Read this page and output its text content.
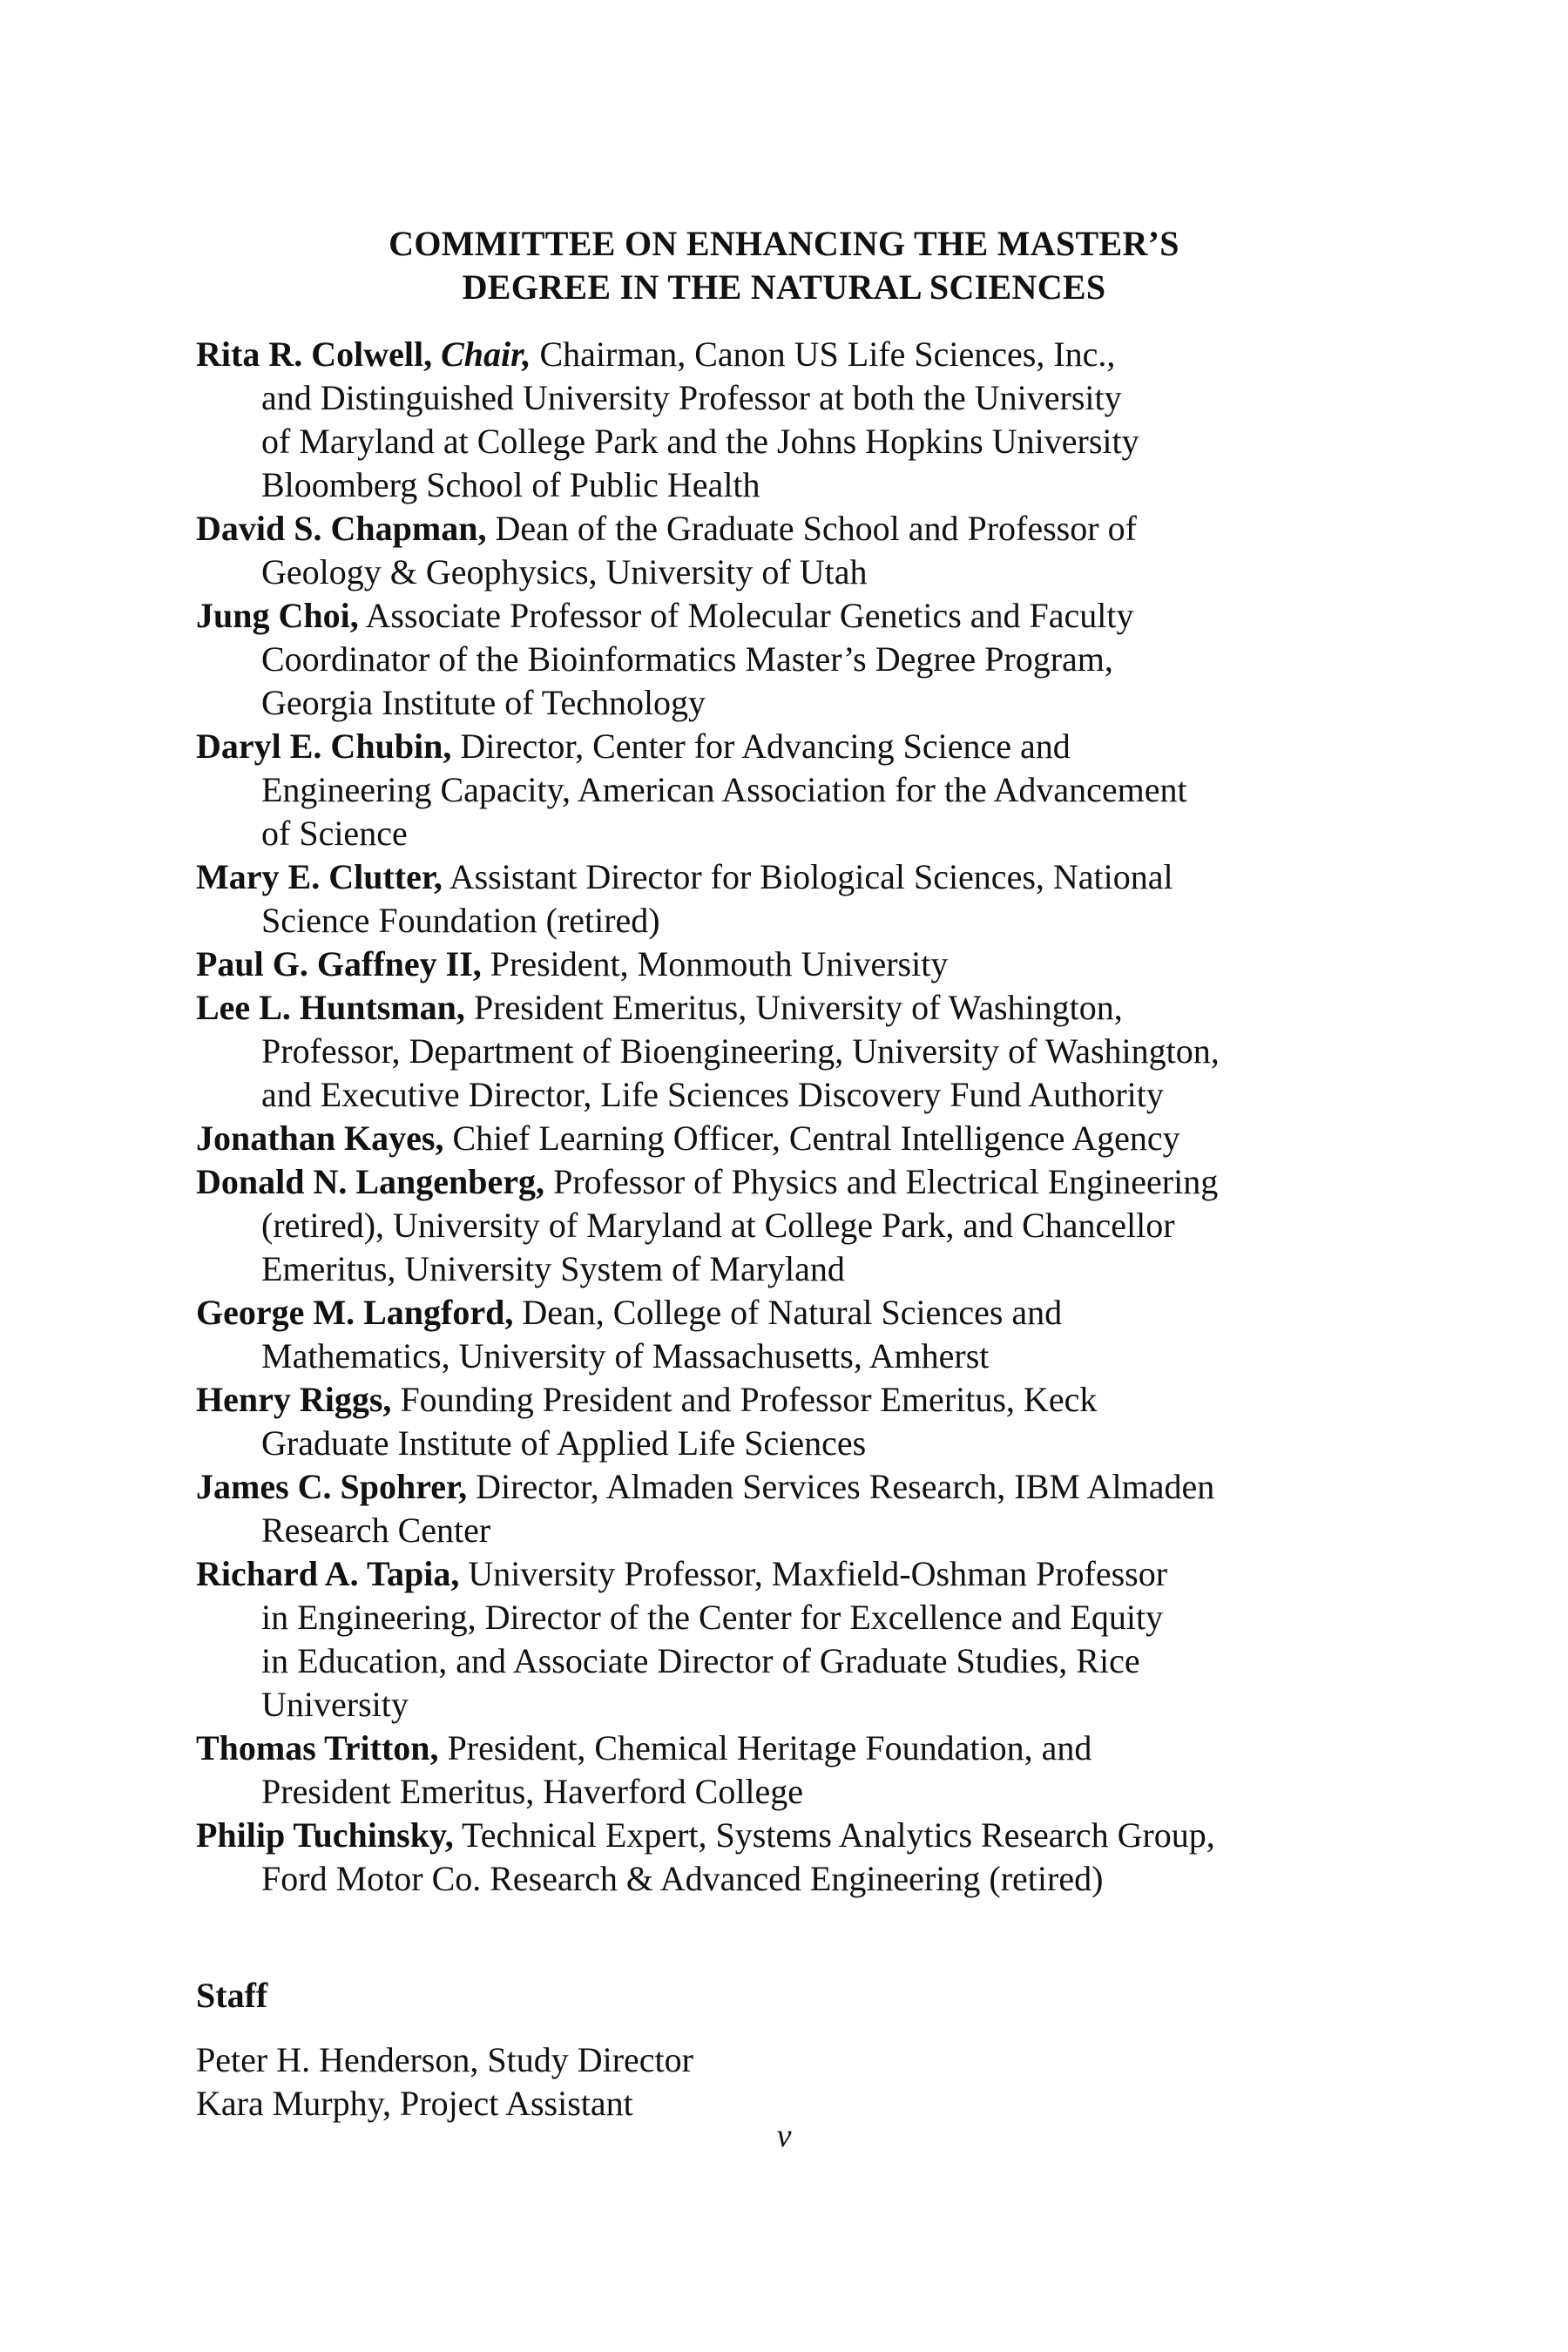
COMMITTEE ON ENHANCING THE MASTER’S
DEGREE IN THE NATURAL SCIENCES
Rita R. Colwell, Chair, Chairman, Canon US Life Sciences, Inc.,
and Distinguished University Professor at both the University
of Maryland at College Park and the Johns Hopkins University
Bloomberg School of Public Health
David S. Chapman, Dean of the Graduate School and Professor of
Geology & Geophysics, University of Utah
Jung Choi, Associate Professor of Molecular Genetics and Faculty
Coordinator of the Bioinformatics Master’s Degree Program,
Georgia Institute of Technology
Daryl E. Chubin, Director, Center for Advancing Science and
Engineering Capacity, American Association for the Advancement
of Science
Mary E. Clutter, Assistant Director for Biological Sciences, National
Science Foundation (retired)
Paul G. Gaffney II, President, Monmouth University
Lee L. Huntsman, President Emeritus, University of Washington,
Professor, Department of Bioengineering, University of Washington,
and Executive Director, Life Sciences Discovery Fund Authority
Jonathan Kayes, Chief Learning Officer, Central Intelligence Agency
Donald N. Langenberg, Professor of Physics and Electrical Engineering
(retired), University of Maryland at College Park, and Chancellor
Emeritus, University System of Maryland
George M. Langford, Dean, College of Natural Sciences and
Mathematics, University of Massachusetts, Amherst
Henry Riggs, Founding President and Professor Emeritus, Keck
Graduate Institute of Applied Life Sciences
James C. Spohrer, Director, Almaden Services Research, IBM Almaden
Research Center
Richard A. Tapia, University Professor, Maxfield-Oshman Professor
in Engineering, Director of the Center for Excellence and Equity
in Education, and Associate Director of Graduate Studies, Rice
University
Thomas Tritton, President, Chemical Heritage Foundation, and
President Emeritus, Haverford College
Philip Tuchinsky, Technical Expert, Systems Analytics Research Group,
Ford Motor Co. Research & Advanced Engineering (retired)
Staff
Peter H. Henderson, Study Director
Kara Murphy, Project Assistant
v
